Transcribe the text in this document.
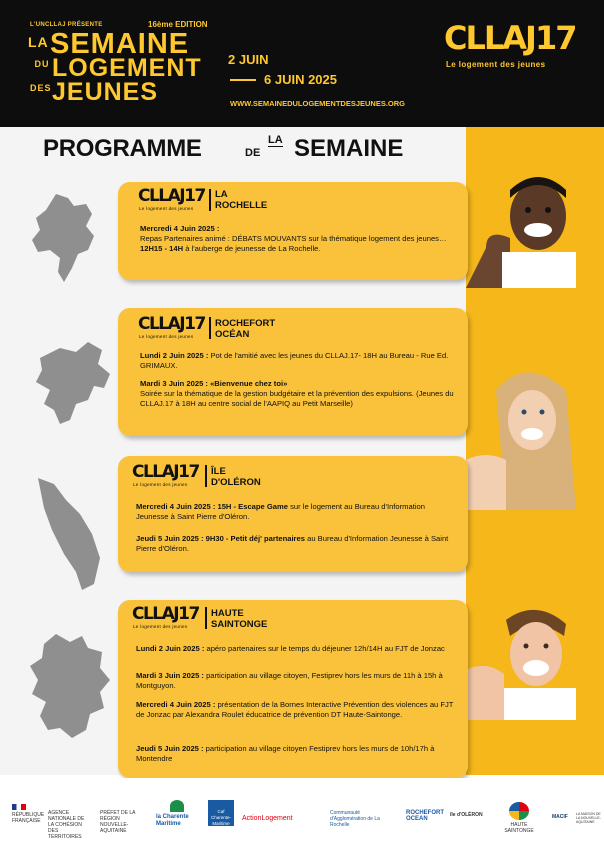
L'UNCLLAJ PRÉSENTE	16ème EDITION
LA SEMAINE
DU LOGEMENT
DES JEUNES
2 JUIN
6 JUIN 2025
WWW.SEMAINEDULOGEMENTDESJEUNES.ORG
CLLAJ17
Le logement des jeunes
PROGRAMME	DE
LA SEMAINE
CLLAJ17
Le logement des jeunes
LA
ROCHELLE
Mercredi 4 Juin 2025 :
Repas Partenaires animé : DÉBATS MOUVANTS sur la thématique logement des jeunes…
12H15 - 14H à l'auberge de jeunesse de La Rochelle.
CLLAJ17
Le logement des jeunes
ROCHEFORT
OCÉAN
Lundi 2 Juin 2025 : Pot de l'amitié avec les jeunes du CLLAJ.17- 18H au Bureau - Rue Ed. GRIMAUX.
Mardi 3 Juin 2025 : «Bienvenue chez toi»
Soirée sur la thématique de la gestion budgétaire et la prévention des expulsions. (Jeunes du CLLAJ.17 à 18H au centre social de l'AAPIQ au Petit Marseille)
CLLAJ17
Le logement des jeunes
ÎLE
D'OLÉRON
Mercredi 4 Juin 2025 : 15H - Escape Game sur le logement au Bureau d'Information Jeunesse à Saint Pierre d'Oléron.
Jeudi 5 Juin 2025 : 9H30 - Petit déj' partenaires au Bureau d'Information Jeunesse à Saint Pierre d'Oléron.
CLLAJ17
Le logement des jeunes
HAUTE
SAINTONGE
Lundi 2 Juin 2025 : apéro partenaires sur le temps du déjeuner 12h/14H au FJT de Jonzac
Mardi 3 Juin 2025 : participation au village citoyen, Festiprev hors les murs de 11h à 15h à Montguyon.
Mercredi 4 Juin 2025 : présentation de la Bornes Interactive Prévention des violences au FJT de Jonzac par Alexandra Roulet éducatrice de prévention DT Haute-Saintonge.
Jeudi 5 Juin 2025 : participation au village citoyen Festiprev hors les murs de 10h/17h à Montendre
RÉPUBLIQUE FRANÇAISE
AGENCE NATIONALE DE LA COHÉSION DES TERRITOIRES
PRÉFET DE LA RÉGION NOUVELLE-AQUITAINE
la Charente Maritime
Caf Charente-Maritime
ActionLogement
Communauté d'Agglomération de La Rochelle
ROCHEFORT OCEAN
île d'OLÉRON
HAUTE SAINTONGE
MACIF LA MAISON DE LA NOUVELLE-AQUITAINE
